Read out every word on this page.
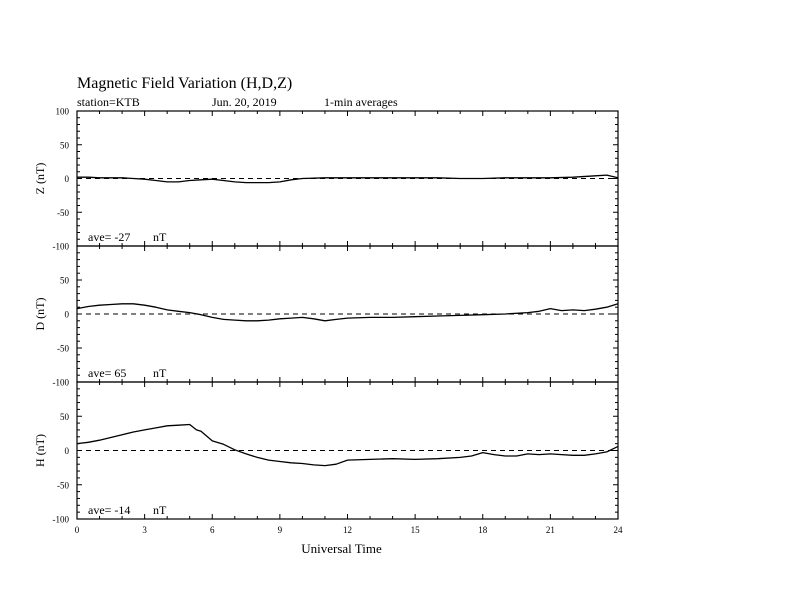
Magnetic Field Variation (H,D,Z)
station=KTB	Jun. 20, 2019	1-min averages
100
50
0
-50
-100
Z (nT)
ave= -27 nT
50
0
-50
-100
D (nT)
ave= 65 nT
50
0
-50
-100
H (nT)
ave= -14 nT
0	3	6	9	12	15	18	21	24
Universal Time
